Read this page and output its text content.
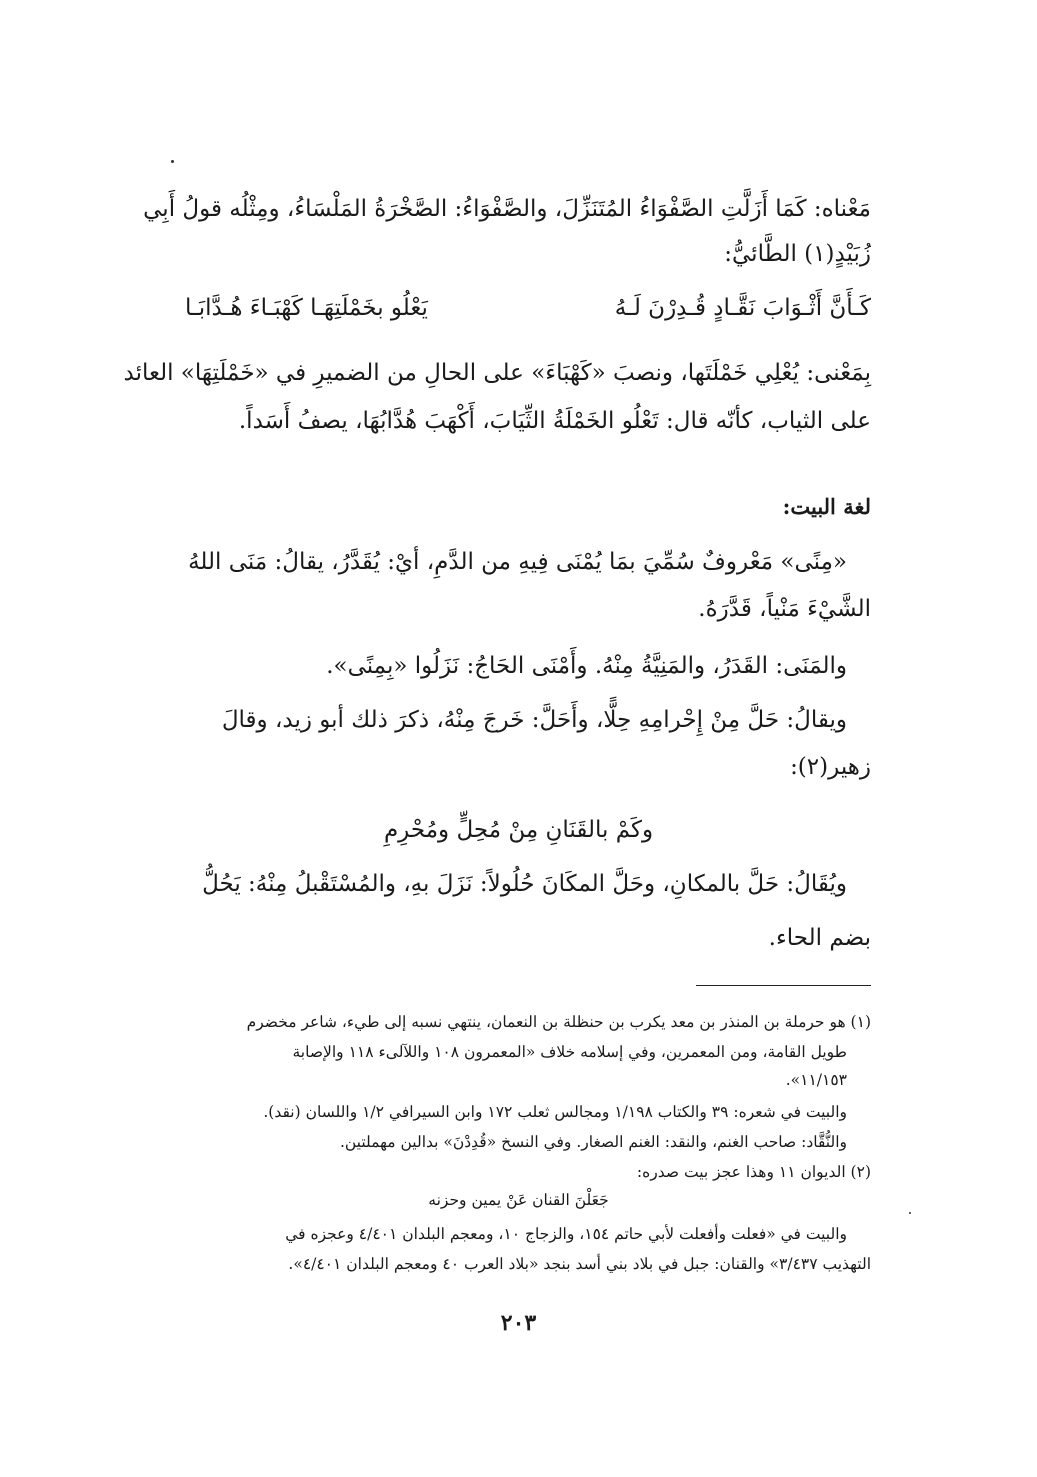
مَعْناه: كَمَا أَزَلَّتِ الصَّفْوَاءُ المُتَنَزِّلَ، والصَّفْوَاءُ: الصَّخْرَةُ المَلْسَاءُ، ومِثْلُه قولُ أَبِي
زُبَيْدٍ(١) الطَّائيُّ:
كَـأَنَّ أَثْـوَابَ نَقَّـادٍ قُـدِرْنَ لَـهُ
يَعْلُو بخَمْلَتِهَـا كَهْبَـاءَ هُـدَّابَـا
بِمَعْنى: يُعْلِي خَمْلَتَها، ونصبَ «كَهْبَاءَ» على الحالِ من الضميرِ في «خَمْلَتِهَا» العائد
على الثياب، كأنّه قال: تَعْلُو الخَمْلَةُ الثِّيَابَ، أَكْهَبَ هُدَّابُهَا، يصفُ أَسَداً.
لغة البيت:
«مِنًى» مَعْروفٌ سُمِّيَ بمَا يُمْنَى فِيهِ من الدَّمِ، أيْ: يُقَدَّرُ، يقالُ: مَنَى اللهُ
الشَّيْءَ مَنْياً، قَدَّرَهُ.
والمَنَى: القَدَرُ، والمَنِيَّةُ مِنْهُ. وأَمْنَى الحَاجُ: نَزَلُوا «بِمِنًى».
ويقالُ: حَلَّ مِنْ إِحْرامِهِ حِلًّا، وأَحَلَّ: خَرجَ مِنْهُ، ذكرَ ذلك أبو زيد، وقالَ
زهير(٢):
وكَمْ بالقَنَانِ مِنْ مُحِلٍّ ومُحْرِمِ
ويُقَالُ: حَلَّ بالمكانِ، وحَلَّ المكَانَ حُلُولاً: نَزَلَ بهِ، والمُسْتَقْبلُ مِنْهُ: يَحُلُّ
بضم الحاء.
(١) هو حرملة بن المنذر بن معد يكرب بن حنظلة بن النعمان، ينتهي نسبه إلى طيء، شاعر مخضرم
طويل القامة، ومن المعمرين، وفي إسلامه خلاف «المعمرون ١٠٨ واللآلىء ١١٨ والإصابة
١١/١٥٣».
والبيت في شعره: ٣٩ والكتاب ١/١٩٨ ومجالس ثعلب ١٧٢ وابن السيرافي ١/٢ واللسان (نقد).
والنُّقَّاد: صاحب الغنم، والنقد: الغنم الصغار. وفي النسخ «قُدِدْنَ» بدالين مهملتين.
(٢) الديوان ١١ وهذا عجز بيت صدره:
جَعَلْنَ القنان عَنْ يمين وحزنه
والبيت في «فعلت وأفعلت لأبي حاتم ١٥٤، والزجاج ١٠، ومعجم البلدان ٤/٤٠١ وعجزه في
التهذيب ٣/٤٣٧» والقنان: جبل في بلاد بني أسد بنجد «بلاد العرب ٤٠ ومعجم البلدان ٤/٤٠١».
٢٠٣
